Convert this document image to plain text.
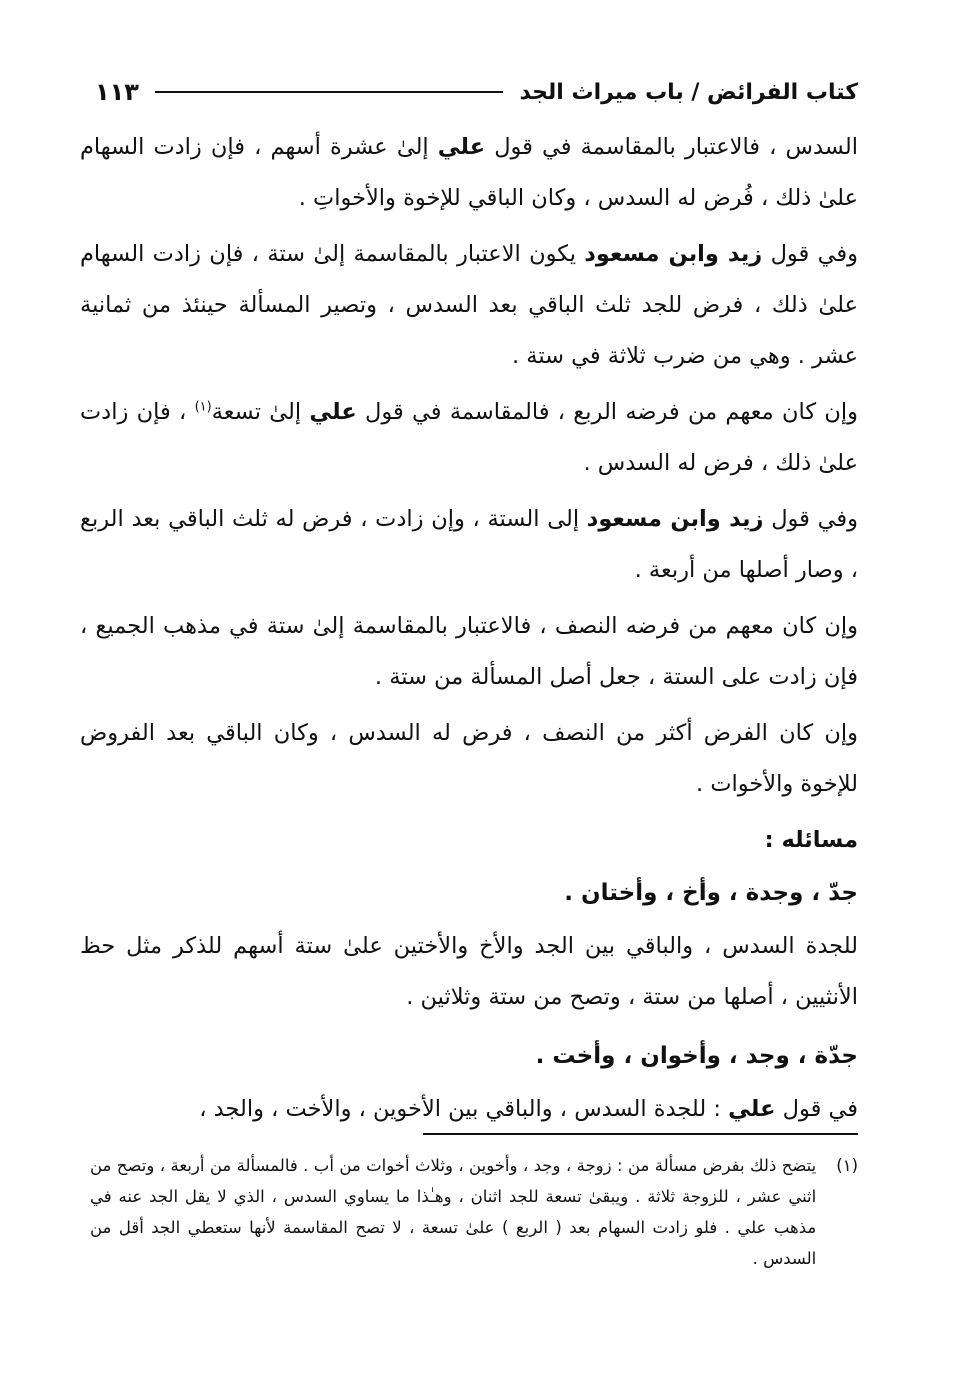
كتاب الفرائض / باب ميراث الجد
١١٣

السدس ، فالاعتبار بالمقاسمة في قول علي إلىٰ عشرة أسهم ، فإن زادت السهام علىٰ ذلك ، فُرض له السدس ، وكان الباقي للإخوة والأخواتِ .

وفي قول زيد وابن مسعود يكون الاعتبار بالمقاسمة إلىٰ ستة ، فإن زادت السهام علىٰ ذلك ، فرض للجد ثلث الباقي بعد السدس ، وتصير المسألة حينئذ من ثمانية عشر . وهي من ضرب ثلاثة في ستة .

وإن كان معهم من فرضه الربع ، فالمقاسمة في قول علي إلىٰ تسعة$^{(١)}$ ، فإن زادت علىٰ ذلك ، فرض له السدس .

وفي قول زيد وابن مسعود إلى الستة ، وإن زادت ، فرض له ثلث الباقي بعد الربع ، وصار أصلها من أربعة .

وإن كان معهم من فرضه النصف ، فالاعتبار بالمقاسمة إلىٰ ستة في مذهب الجميع ، فإن زادت على الستة ، جعل أصل المسألة من ستة .

وإن كان الفرض أكثر من النصف ، فرض له السدس ، وكان الباقي بعد الفروض للإخوة والأخوات .

مسائله :

جدّ ، وجدة ، وأخ ، وأختان .

للجدة السدس ، والباقي بين الجد والأخ والأختين علىٰ ستة أسهم للذكر مثل حظ الأنثيين ، أصلها من ستة ، وتصح من ستة وثلاثين .

جدّة ، وجد ، وأخوان ، وأخت .

في قول علي : للجدة السدس ، والباقي بين الأخوين ، والأخت ، والجد ،

(١)
يتضح ذلك بفرض مسألة من : زوجة ، وجد ، وأخوين ، وثلاث أخوات من أب . فالمسألة من أربعة ، وتصح من اثني عشر ، للزوجة ثلاثة . ويبقىٰ تسعة للجد اثنان ، وهـٰذا ما يساوي السدس ، الذي لا يقل الجد عنه في مذهب علي . فلو زادت السهام بعد ( الربع ) علىٰ تسعة ، لا تصح المقاسمة لأنها ستعطي الجد أقل من السدس .
